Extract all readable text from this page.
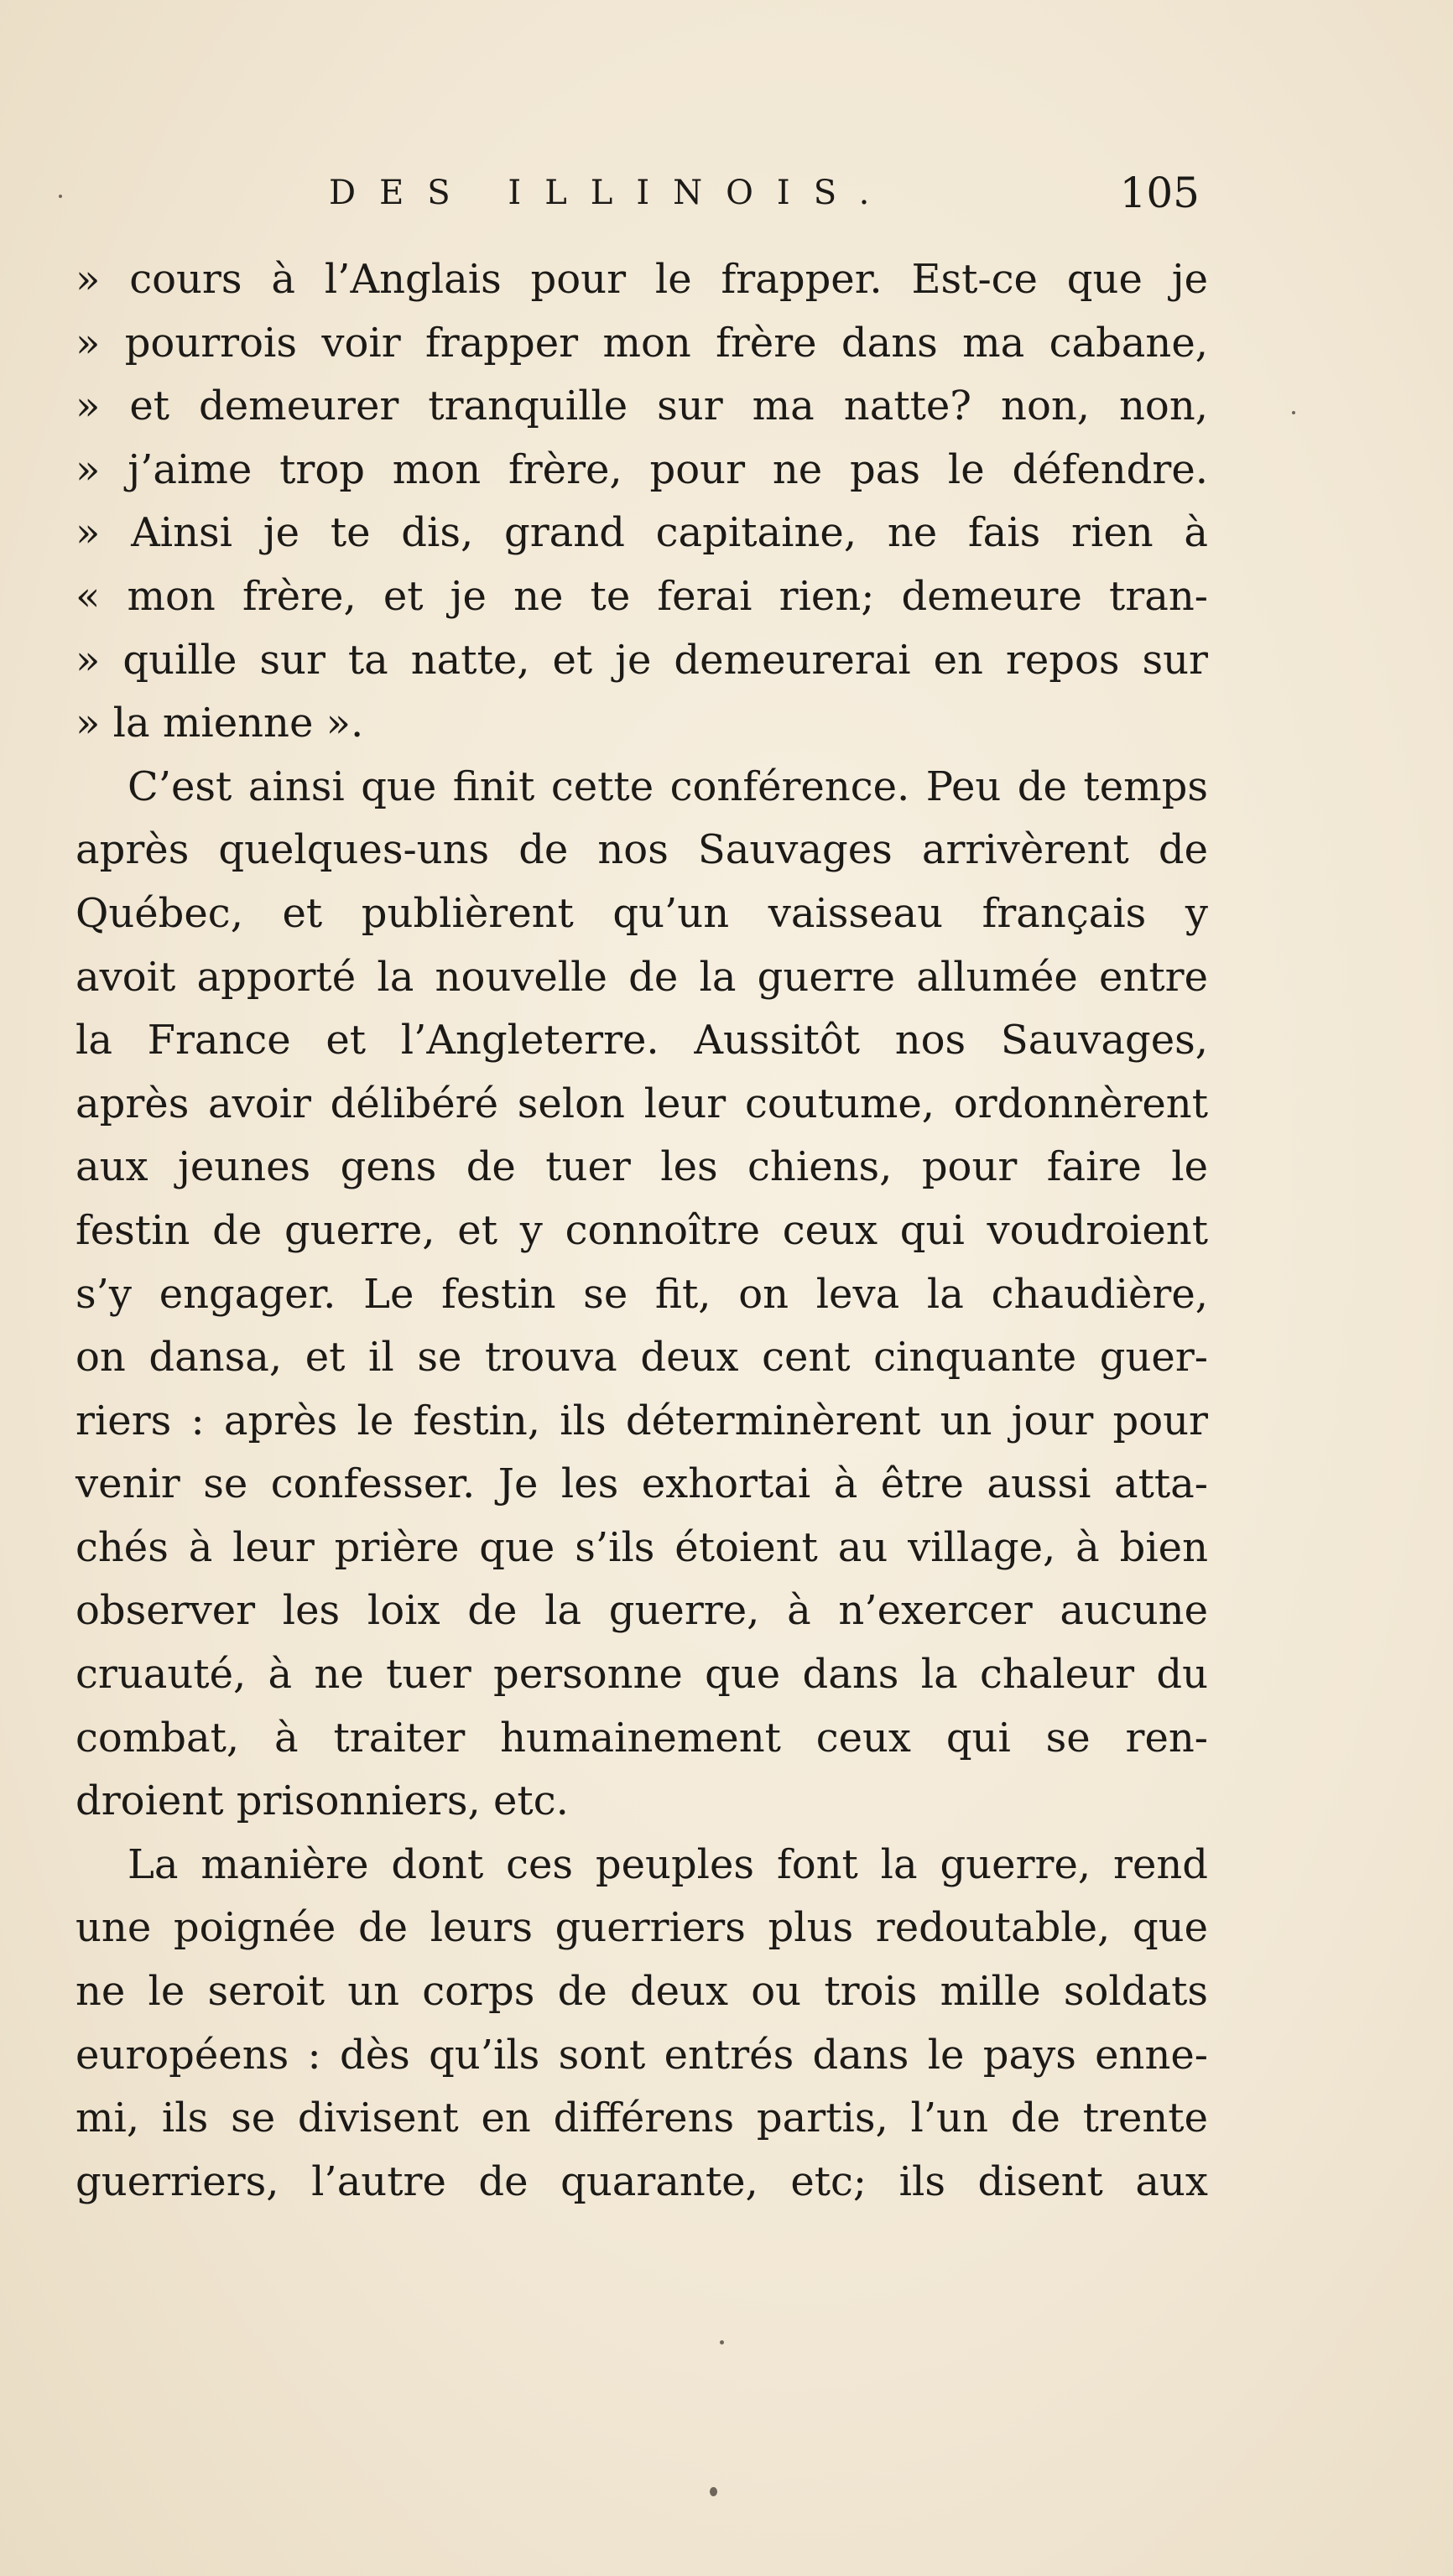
DES ILLINOIS.	105
» cours à l’Anglais pour le frapper. Est-ce que je
» pourrois voir frapper mon frère dans ma cabane,
» et demeurer tranquille sur ma natte? non, non,
» j’aime trop mon frère, pour ne pas le défendre.
» Ainsi je te dis, grand capitaine, ne fais rien à
« mon frère, et je ne te ferai rien; demeure tran-
» quille sur ta natte, et je demeurerai en repos sur
» la mienne ».
C’est ainsi que finit cette conférence. Peu de temps
après quelques-uns de nos Sauvages arrivèrent de
Québec, et publièrent qu’un vaisseau français y
avoit apporté la nouvelle de la guerre allumée entre
la France et l’Angleterre. Aussitôt nos Sauvages,
après avoir délibéré selon leur coutume, ordonnèrent
aux jeunes gens de tuer les chiens, pour faire le
festin de guerre, et y connoître ceux qui voudroient
s’y engager. Le festin se fit, on leva la chaudière,
on dansa, et il se trouva deux cent cinquante guer-
riers : après le festin, ils déterminèrent un jour pour
venir se confesser. Je les exhortai à être aussi atta-
chés à leur prière que s’ils étoient au village, à bien
observer les loix de la guerre, à n’exercer aucune
cruauté, à ne tuer personne que dans la chaleur du
combat, à traiter humainement ceux qui se ren-
droient prisonniers, etc.
La manière dont ces peuples font la guerre, rend
une poignée de leurs guerriers plus redoutable, que
ne le seroit un corps de deux ou trois mille soldats
européens : dès qu’ils sont entrés dans le pays enne-
mi, ils se divisent en différens partis, l’un de trente
guerriers, l’autre de quarante, etc; ils disent aux
